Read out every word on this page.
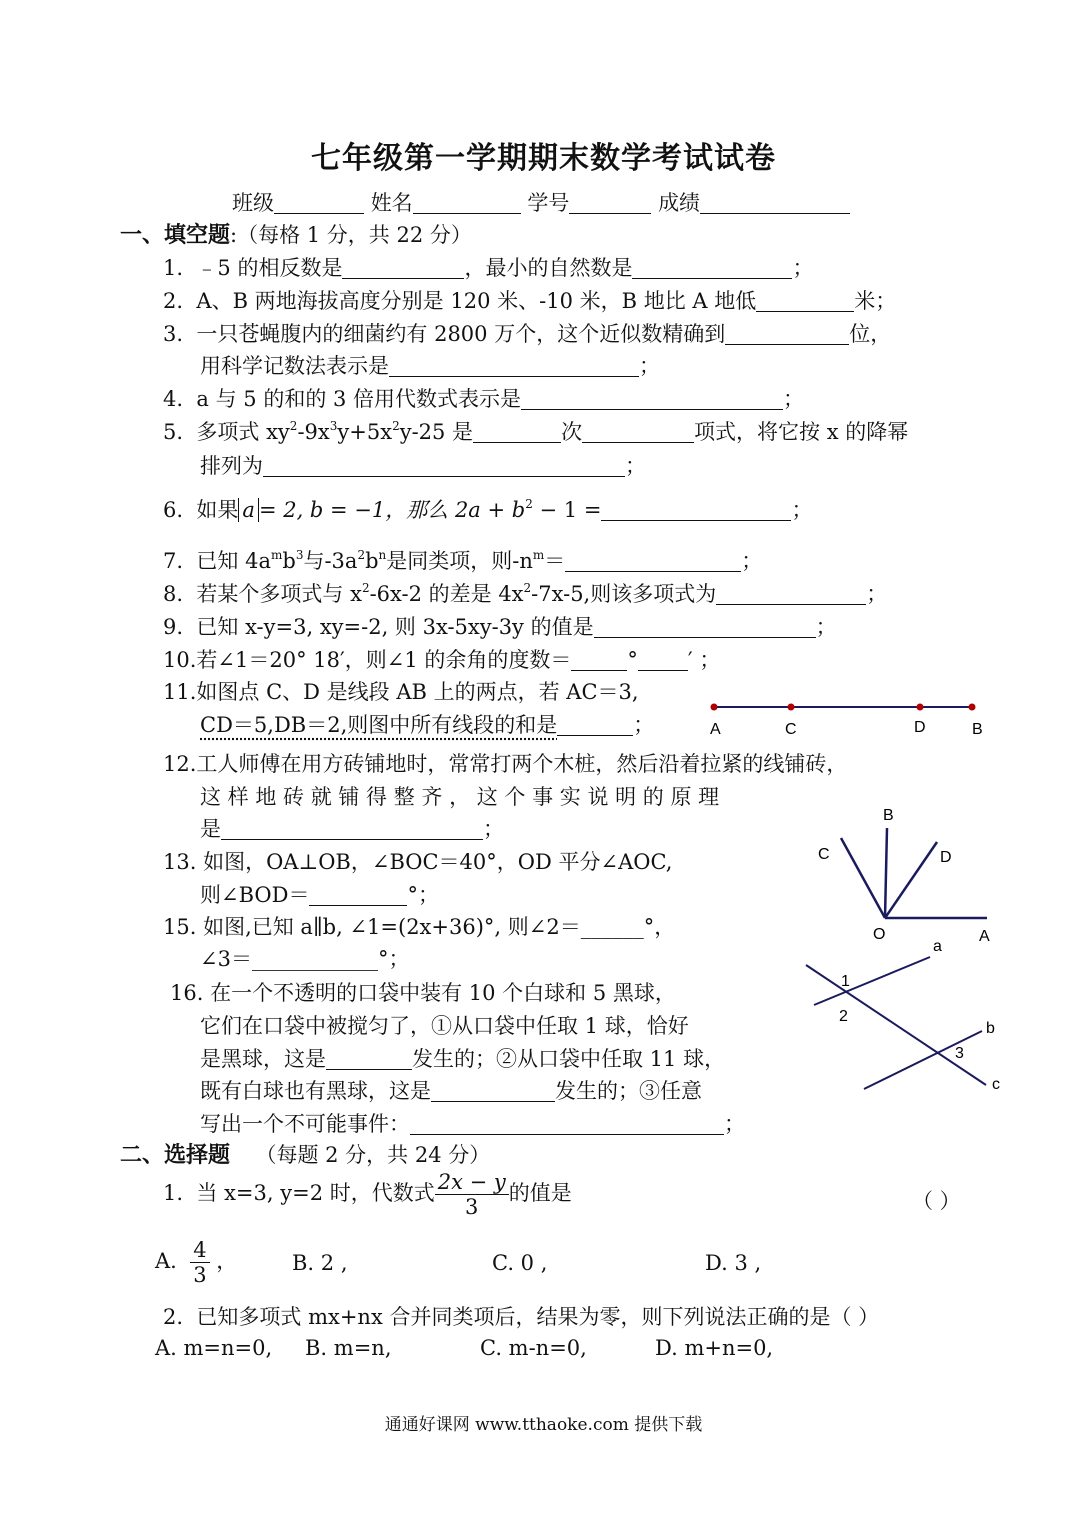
七年级第一学期期末数学考试试卷
班级	姓名	学号	成绩
一、填空题:（每格 1 分，共 22 分）
1. ﹣5 的相反数是	，最小的自然数是	；
2. A、B 两地海拔高度分别是 120 米、-10 米，B 地比 A 地低	米；
3. 一只苍蝇腹内的细菌约有 2800 万个，这个近似数精确到	位，
用科学记数法表示是	；
4. a 与 5 的和的 3 倍用代数式表示是	；
5. 多项式 $xy^2-9x^3y+5x^2y-25$ 是	次	项式，将它按 x 的降幂
排列为	；
6. 如果 a = 2, b = −1，那么 $2a + b^2 - 1$ =	；
7. 已知 $4a^mb^3$与$-3a^2b^n$是同类项，则$-n^m=$	；
8. 若某个多项式与 $x^2-6x-2$ 的差是 $4x^2-7x-5$,则该多项式为	；
9. 已知 x-y=3, xy=-2, 则 3x-5xy-3y 的值是	；
10.若∠1＝20° 18′，则∠1 的余角的度数＝	° ′ ；
11.如图点 C、D 是线段 AB 上的两点，若 AC＝3,
CD＝5,DB＝2,则图中所有线段的和是	；	A	C	D	B
12.工人师傅在用方砖铺地时，常常打两个木桩，然后沿着拉紧的线铺砖，
这 样 地 砖 就 铺 得 整 齐 ， 这 个 事 实 说 明 的 原 理
是	；
B
C	D
O	A
13. 如图，OA⊥OB，∠BOC＝40°，OD 平分∠AOC,
则∠BOD＝	°；
15. 如图,已知 a∥b, ∠1=(2x+36)°, 则∠2＝______°，
∠3＝____________°；
a
b
c
1
2
3
16. 在一个不透明的口袋中装有 10 个白球和 5 黑球，
它们在口袋中被搅匀了，①从口袋中任取 1 球，恰好
是黑球，这是	发生的；②从口袋中任取 11 球，
既有白球也有黑球，这是	发生的；③任意
写出一个不可能事件：	；
二、选择题 （每题 2 分，共 24 分）
1. 当 x=3, y=2 时，代数式 $\frac{2x - y}{3}$ 的值是	（ ）
A. $\frac{4}{3}$ ，	B. 2 ,	C. 0 ,	D. 3 ,
2. 已知多项式 mx+nx 合并同类项后，结果为零，则下列说法正确的是（ ）
A. m=n=0, B. m=n,	C. m-n=0,	D. m+n=0,
通通好课网 www.tthaoke.com 提供下载
